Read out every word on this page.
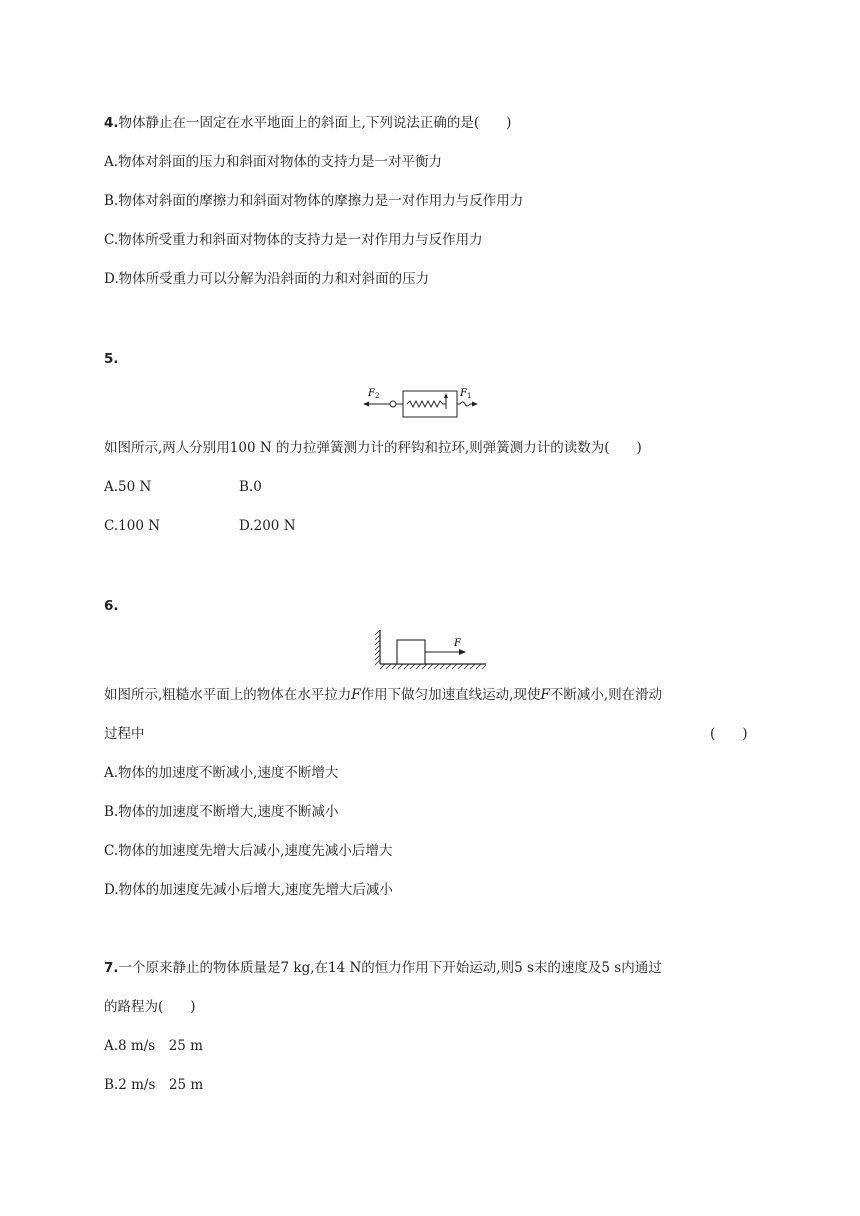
4.物体静止在一固定在水平地面上的斜面上,下列说法正确的是(　　)
A.物体对斜面的压力和斜面对物体的支持力是一对平衡力
B.物体对斜面的摩擦力和斜面对物体的摩擦力是一对作用力与反作用力
C.物体所受重力和斜面对物体的支持力是一对作用力与反作用力
D.物体所受重力可以分解为沿斜面的力和对斜面的压力
5.
$F_2$	$F_1$
如图所示,两人分别用100 N 的力拉弹簧测力计的秤钩和拉环,则弹簧测力计的读数为(　　)
A.50 N	B.0
C.100 N	D.200 N
6.
F
如图所示,粗糙水平面上的物体在水平拉力F作用下做匀加速直线运动,现使F不断减小,则在滑动
过程中	(　　)
A.物体的加速度不断减小,速度不断增大
B.物体的加速度不断增大,速度不断减小
C.物体的加速度先增大后减小,速度先减小后增大
D.物体的加速度先减小后增大,速度先增大后减小
7.一个原来静止的物体质量是7 kg,在14 N的恒力作用下开始运动,则5 s末的速度及5 s内通过
的路程为(　　)
A.8 m/s　25 m
B.2 m/s　25 m
